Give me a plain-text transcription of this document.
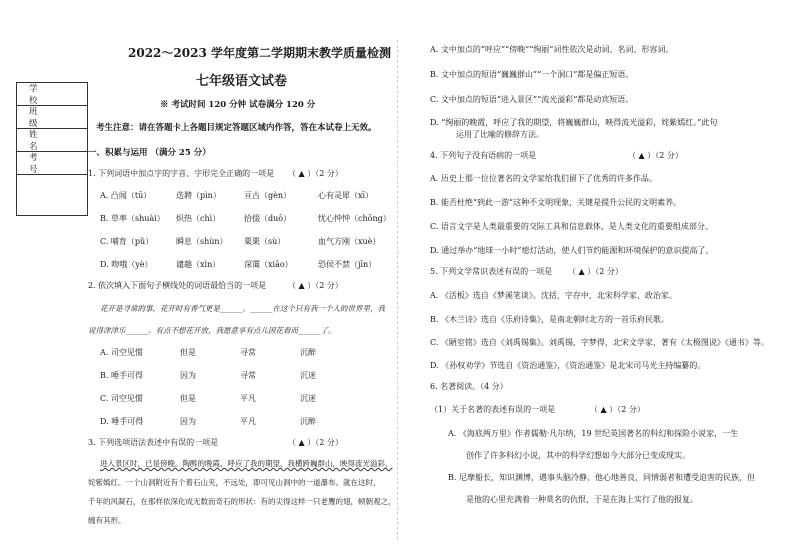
2022～2023 学年度第二学期期末教学质量检测
七年级语文试卷
学 校
班 级
姓 名
考 号
※ 考试时间 120 分钟 试卷满分 120 分
考生注意：请在答题卡上各题目规定答题区域内作答，答在本试卷上无效。
一、积累与运用 （满分 25 分）
1. 下列词语中加点字的字音、字形完全正确的一项是 （ ▲ ）（2 分）
A. 凸闻（tū）	迭聘（pìn）	亘古（gèn）	心有灵犀（xī）
B. 草率（shuài） 炽热（chì）	拾掇（duō）	忧心忡忡（chōng）
C. 哺育（pǔ）	瞬息（shùn） 粟栗（sù）	血气方刚（xuè）
D. 吻哦（yè）	谴趣（xìn）	深霭（xiāo）	恐侯不禁（jīn）
2. 依次填入下面句子横线处的词语最恰当的一项是	（ ▲ ）（2 分）
花开是寻常的事，花开时有香气更是______。______在这个只有我一个人的世界里，我
说得津津乐______。有点不想花开放，我愿意享有点儿因花看而______了。
A. 司空见惯	但是	寻常	沉醉
B. 唾手可得	因为	寻常	沉迷
C. 司空见惯	但是	平凡	沉迷
D. 唾手可得	因为	平凡	沉醉
3. 下列选项语法表述中有误的一项是	（ ▲ ）（2 分）
进入景区时，已是傍晚。陶醉的晚霞，呼应了我的期望，我横跨巍群山，映得流光溢彩，
姹紫嫣红。一个山洞附近有个着石山夹，不远处，即可见山洞中的一道瀑布。就在这时，
千年的风凝石，在那样依深化成无数而奇石的形状：有的尖得这样一只老鹰的翅，顿朝观之，
缠有其形。
A. 文中加点的“呼应”“傍晚”“绚丽”词性依次是动词、名词、形容词。
B. 文中加点的短语“巍巍群山”“一个洞口”都是偏正短语。
C. 文中加点的短语“进入景区”“流光溢彩”都是动宾短语。
D. “绚丽的晚霞，呼应了我的期望，将巍巍群山，映得流光溢彩，姹紫嫣红。”此句
运用了比喻的修辞方法。
4. 下列句子没有语病的一项是	（ ▲ ）（2 分）
A. 历史上那一位位著名的文学家给我们留下了优秀的许多作品。
B. 能否杜绝“到此一游”这种不文明现象，关键是提升公民的文明素养。
C. 语言文字是人类最重要的交际工具和信息载体，是人类文化的重要组成部分。
D. 通过举办“地球一小时”熄灯活动，使人们节约能源和环境保护的意识提高了。
5. 下列文学常识表述有误的一项是 （ ▲ ）（2 分）
A. 《活板》选自《梦溪笔谈》。沈括，字存中，北宋科学家、政治家。
B. 《木兰诗》选自《乐府诗集》，是南北朝时北方的一首乐府民歌。
C. 《陋室铭》选自《刘禹锡集》。刘禹锡，字梦得，北宋文学家，著有《太极图说》《通书》等。
D. 《孙权劝学》节选自《资治通鉴》，《资治通鉴》是北宋司马光主持编纂的。
6. 名著阅读。（4 分）
（1）关于名著的表述有误的一项是	（ ▲ ）（2 分）
A. 《海底两万里》作者儒勒·凡尔纳，19 世纪英国著名的科幻和探险小说家，一生
创作了许多科幻小说，其中的科学幻想如今大部分已变成现实。
B. 尼摩船长，知识渊博，遇事头脑冷静。他心地善良，同情弱者和遭受迫害的民族，但
是他的心里充满着一种莫名的仇恨，于是在海上实行了他的报复。
